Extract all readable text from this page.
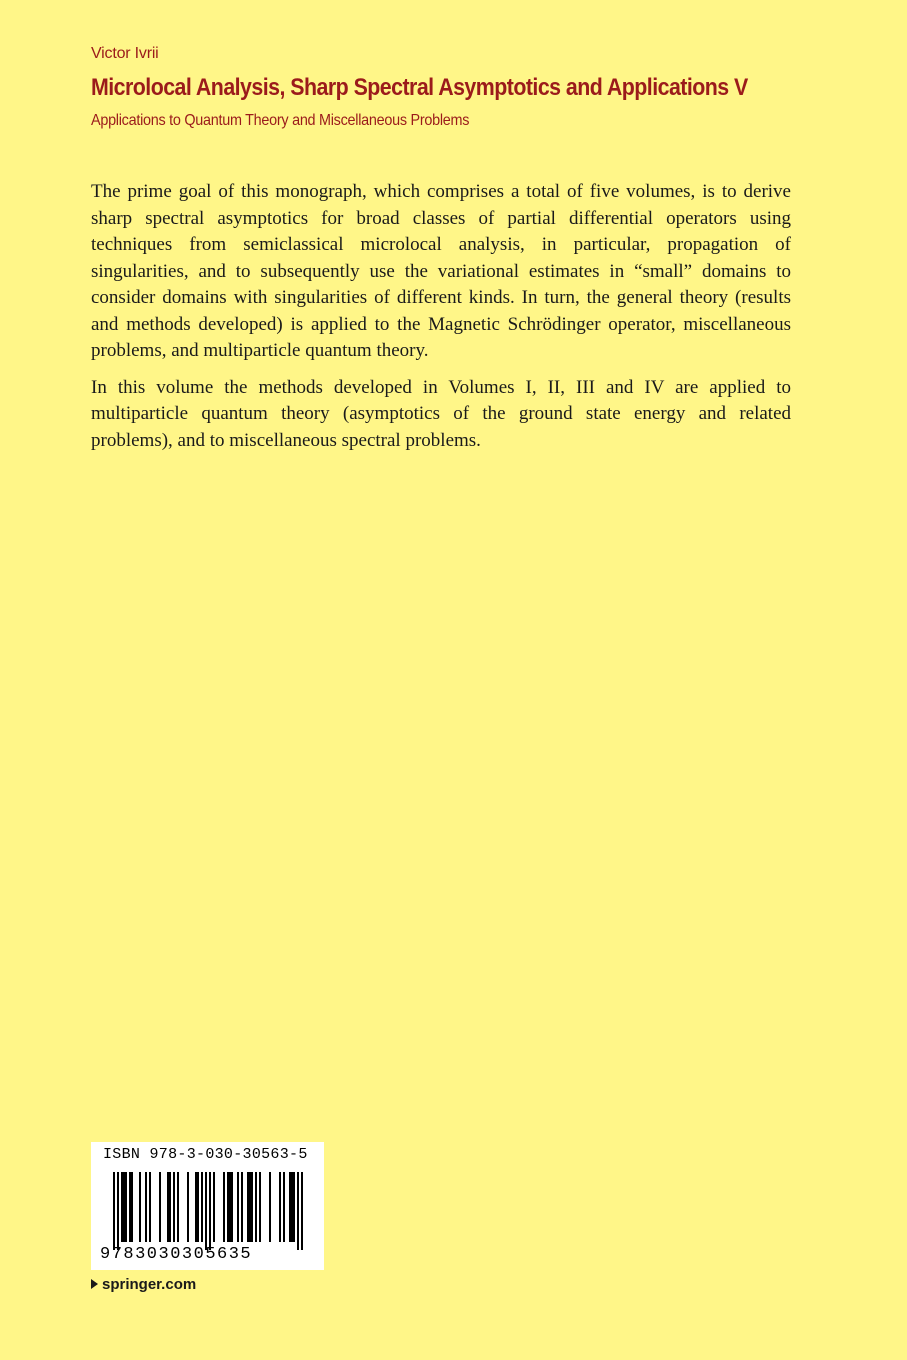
Victor Ivrii
Microlocal Analysis, Sharp Spectral Asymptotics and Applications V
Applications to Quantum Theory and Miscellaneous Problems

The prime goal of this monograph, which comprises a total of five volumes, is to derive sharp spectral asymptotics for broad classes of partial differential operators using techniques from semiclassical microlocal analysis, in particular, propagation of singularities, and to subsequently use the variational estimates in “small” domains to consider domains with singularities of different kinds. In turn, the general theory (results and methods developed) is applied to the Magnetic Schrödinger operator, miscellaneous problems, and multiparticle quantum theory.

In this volume the methods developed in Volumes I, II, III and IV are applied to multiparticle quantum theory (asymptotics of the ground state energy and related problems), and to miscellaneous spectral problems.

ISBN 978-3-030-30563-5
9783030305635
springer.com
